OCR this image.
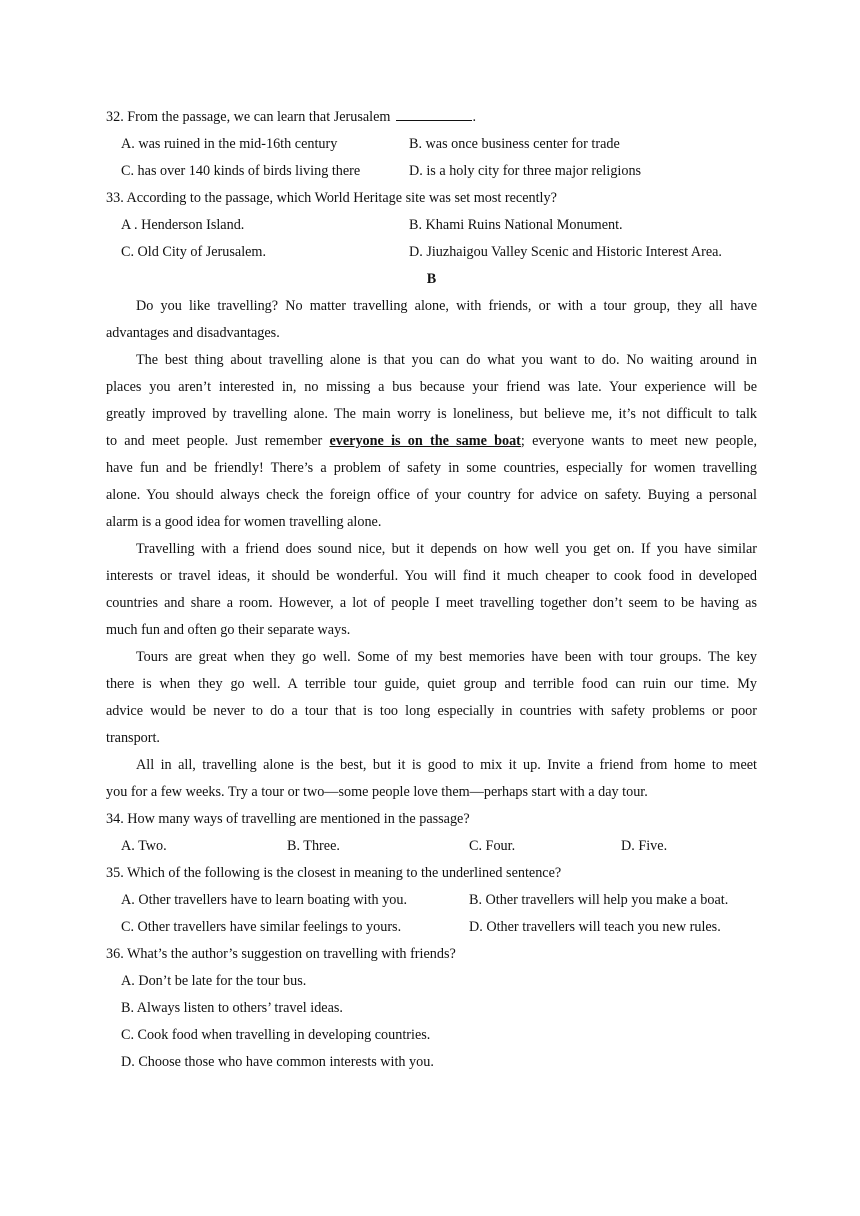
32. From the passage, we can learn that Jerusalem	.
A. was ruined in the mid-16th century	B. was once business center for trade
C. has over 140 kinds of birds living there	D. is a holy city for three major religions
33. According to the passage, which World Heritage site was set most recently?
A . Henderson Island.	B. Khami Ruins National Monument.
C. Old City of Jerusalem.	D. Jiuzhaigou Valley Scenic and Historic Interest Area.
B
Do you like travelling? No matter travelling alone, with friends, or with a tour group, they all have
advantages and disadvantages.
The best thing about travelling alone is that you can do what you want to do. No waiting around in
places you aren’t interested in, no missing a bus because your friend was late. Your experience will be
greatly improved by travelling alone. The main worry is loneliness, but believe me, it’s not difficult to talk
to and meet people. Just remember everyone is on the same boat; everyone wants to meet new people,
have fun and be friendly! There’s a problem of safety in some countries, especially for women travelling
alone. You should always check the foreign office of your country for advice on safety. Buying a personal
alarm is a good idea for women travelling alone.
Travelling with a friend does sound nice, but it depends on how well you get on. If you have similar
interests or travel ideas, it should be wonderful. You will find it much cheaper to cook food in developed
countries and share a room. However, a lot of people I meet travelling together don’t seem to be having as
much fun and often go their separate ways.
Tours are great when they go well. Some of my best memories have been with tour groups. The key
there is when they go well. A terrible tour guide, quiet group and terrible food can ruin our time. My
advice would be never to do a tour that is too long especially in countries with safety problems or poor
transport.
All in all, travelling alone is the best, but it is good to mix it up. Invite a friend from home to meet
you for a few weeks. Try a tour or two—some people love them—perhaps start with a day tour.
34. How many ways of travelling are mentioned in the passage?
A. Two.	B. Three.	C. Four.	D. Five.
35. Which of the following is the closest in meaning to the underlined sentence?
A. Other travellers have to learn boating with you.	B. Other travellers will help you make a boat.
C. Other travellers have similar feelings to yours.	D. Other travellers will teach you new rules.
36. What’s the author’s suggestion on travelling with friends?
A. Don’t be late for the tour bus.
B. Always listen to others’ travel ideas.
C. Cook food when travelling in developing countries.
D. Choose those who have common interests with you.
